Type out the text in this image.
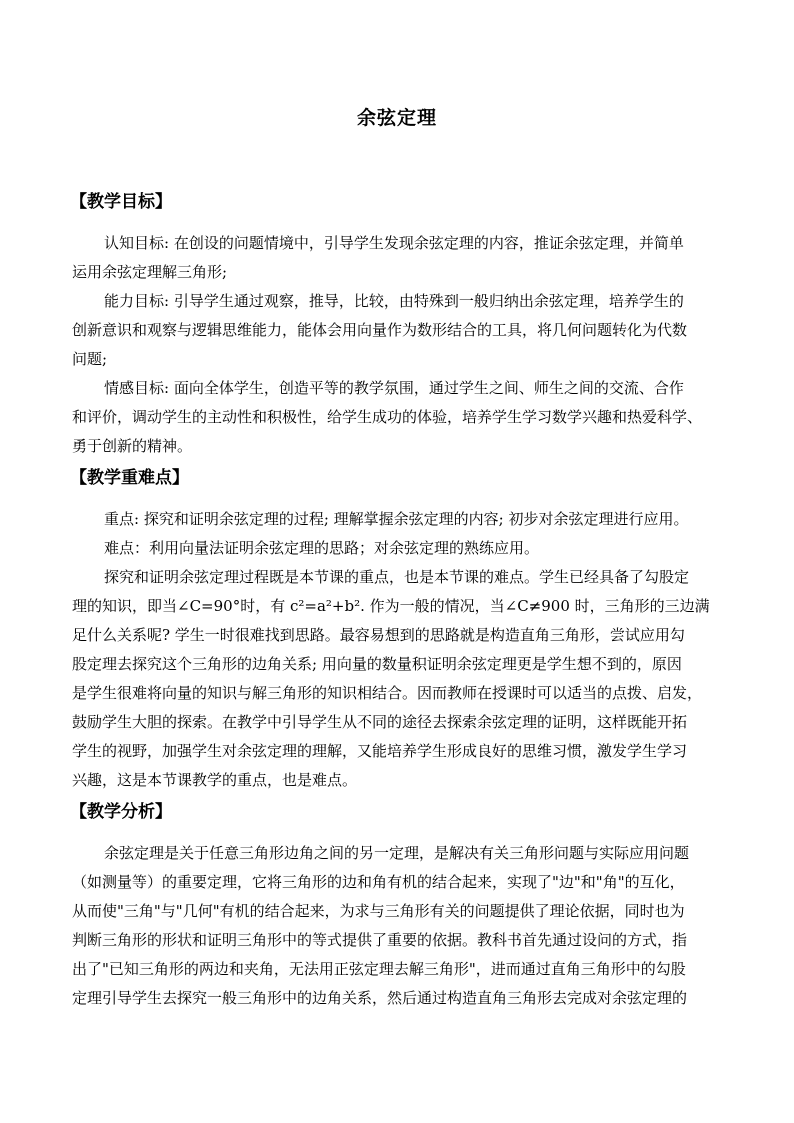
余弦定理
【教学目标】
认知目标: 在创设的问题情境中，引导学生发现余弦定理的内容，推证余弦定理，并简单
运用余弦定理解三角形;
能力目标: 引导学生通过观察，推导，比较，由特殊到一般归纳出余弦定理，培养学生的
创新意识和观察与逻辑思维能力，能体会用向量作为数形结合的工具，将几何问题转化为代数
问题;
情感目标: 面向全体学生，创造平等的教学氛围，通过学生之间、师生之间的交流、合作
和评价，调动学生的主动性和积极性，给学生成功的体验，培养学生学习数学兴趣和热爱科学、
勇于创新的精神。
【教学重难点】
重点: 探究和证明余弦定理的过程; 理解掌握余弦定理的内容; 初步对余弦定理进行应用。
难点：利用向量法证明余弦定理的思路；对余弦定理的熟练应用。
探究和证明余弦定理过程既是本节课的重点，也是本节课的难点。学生已经具备了勾股定
理的知识，即当∠C=90°时，有 c²=a²+b². 作为一般的情况，当∠C≠900 时，三角形的三边满
足什么关系呢? 学生一时很难找到思路。最容易想到的思路就是构造直角三角形，尝试应用勾
股定理去探究这个三角形的边角关系; 用向量的数量积证明余弦定理更是学生想不到的，原因
是学生很难将向量的知识与解三角形的知识相结合。因而教师在授课时可以适当的点拨、启发，
鼓励学生大胆的探索。在教学中引导学生从不同的途径去探索余弦定理的证明，这样既能开拓
学生的视野，加强学生对余弦定理的理解，又能培养学生形成良好的思维习惯，激发学生学习
兴趣，这是本节课教学的重点，也是难点。
【教学分析】
余弦定理是关于任意三角形边角之间的另一定理，是解决有关三角形问题与实际应用问题
（如测量等）的重要定理，它将三角形的边和角有机的结合起来，实现了"边"和"角"的互化，
从而使"三角"与"几何"有机的结合起来，为求与三角形有关的问题提供了理论依据，同时也为
判断三角形的形状和证明三角形中的等式提供了重要的依据。教科书首先通过设问的方式，指
出了"已知三角形的两边和夹角，无法用正弦定理去解三角形"，进而通过直角三角形中的勾股
定理引导学生去探究一般三角形中的边角关系，然后通过构造直角三角形去完成对余弦定理的
